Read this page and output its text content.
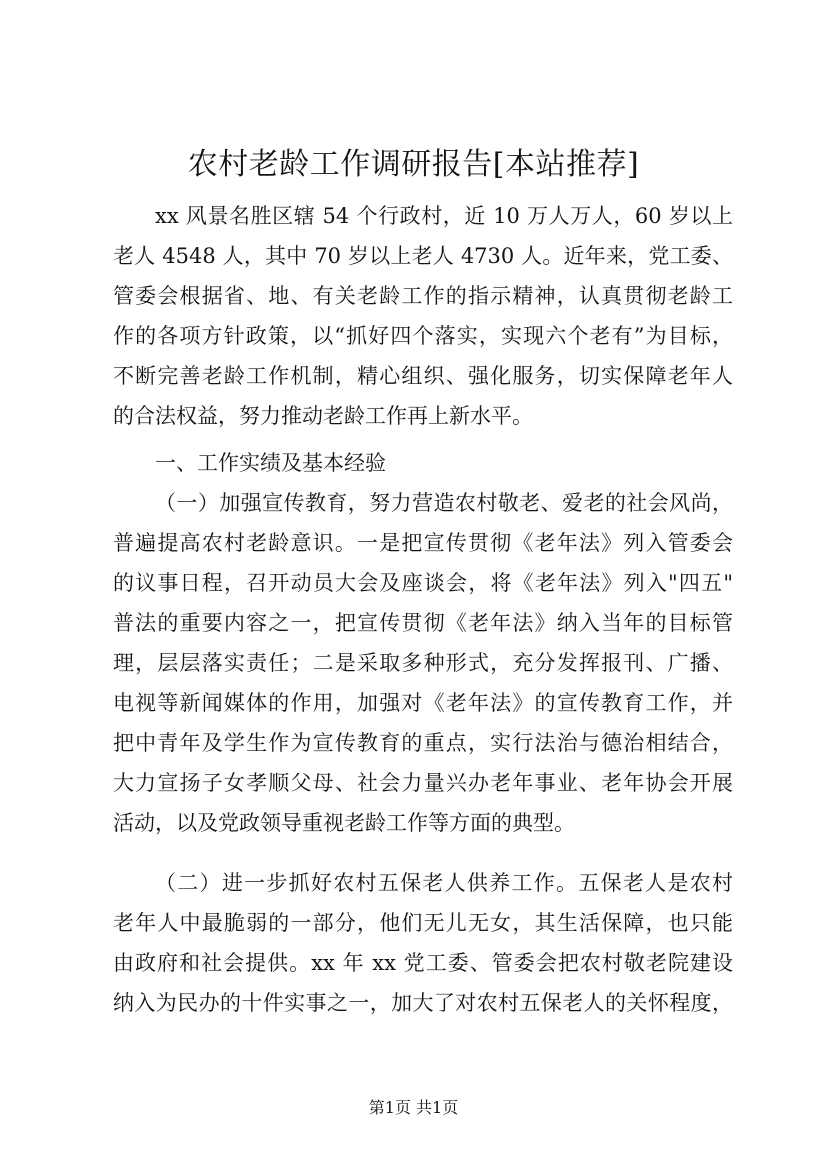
农村老龄工作调研报告[本站推荐]
xx 风景名胜区辖 54 个行政村，近 10 万人万人，60 岁以上
老人 4548 人，其中 70 岁以上老人 4730 人。近年来，党工委、
管委会根据省、地、有关老龄工作的指示精神，认真贯彻老龄工
作的各项方针政策，以“抓好四个落实，实现六个老有”为目标，
不断完善老龄工作机制，精心组织、强化服务，切实保障老年人
的合法权益，努力推动老龄工作再上新水平。
一、工作实绩及基本经验
（一）加强宣传教育，努力营造农村敬老、爱老的社会风尚，
普遍提高农村老龄意识。一是把宣传贯彻《老年法》列入管委会
的议事日程，召开动员大会及座谈会，将《老年法》列入"四五"
普法的重要内容之一，把宣传贯彻《老年法》纳入当年的目标管
理，层层落实责任；二是采取多种形式，充分发挥报刊、广播、
电视等新闻媒体的作用，加强对《老年法》的宣传教育工作，并
把中青年及学生作为宣传教育的重点，实行法治与德治相结合，
大力宣扬子女孝顺父母、社会力量兴办老年事业、老年协会开展
活动，以及党政领导重视老龄工作等方面的典型。
（二）进一步抓好农村五保老人供养工作。五保老人是农村
老年人中最脆弱的一部分，他们无儿无女，其生活保障，也只能
由政府和社会提供。xx 年 xx 党工委、管委会把农村敬老院建设
纳入为民办的十件实事之一，加大了对农村五保老人的关怀程度，
第1页 共1页
